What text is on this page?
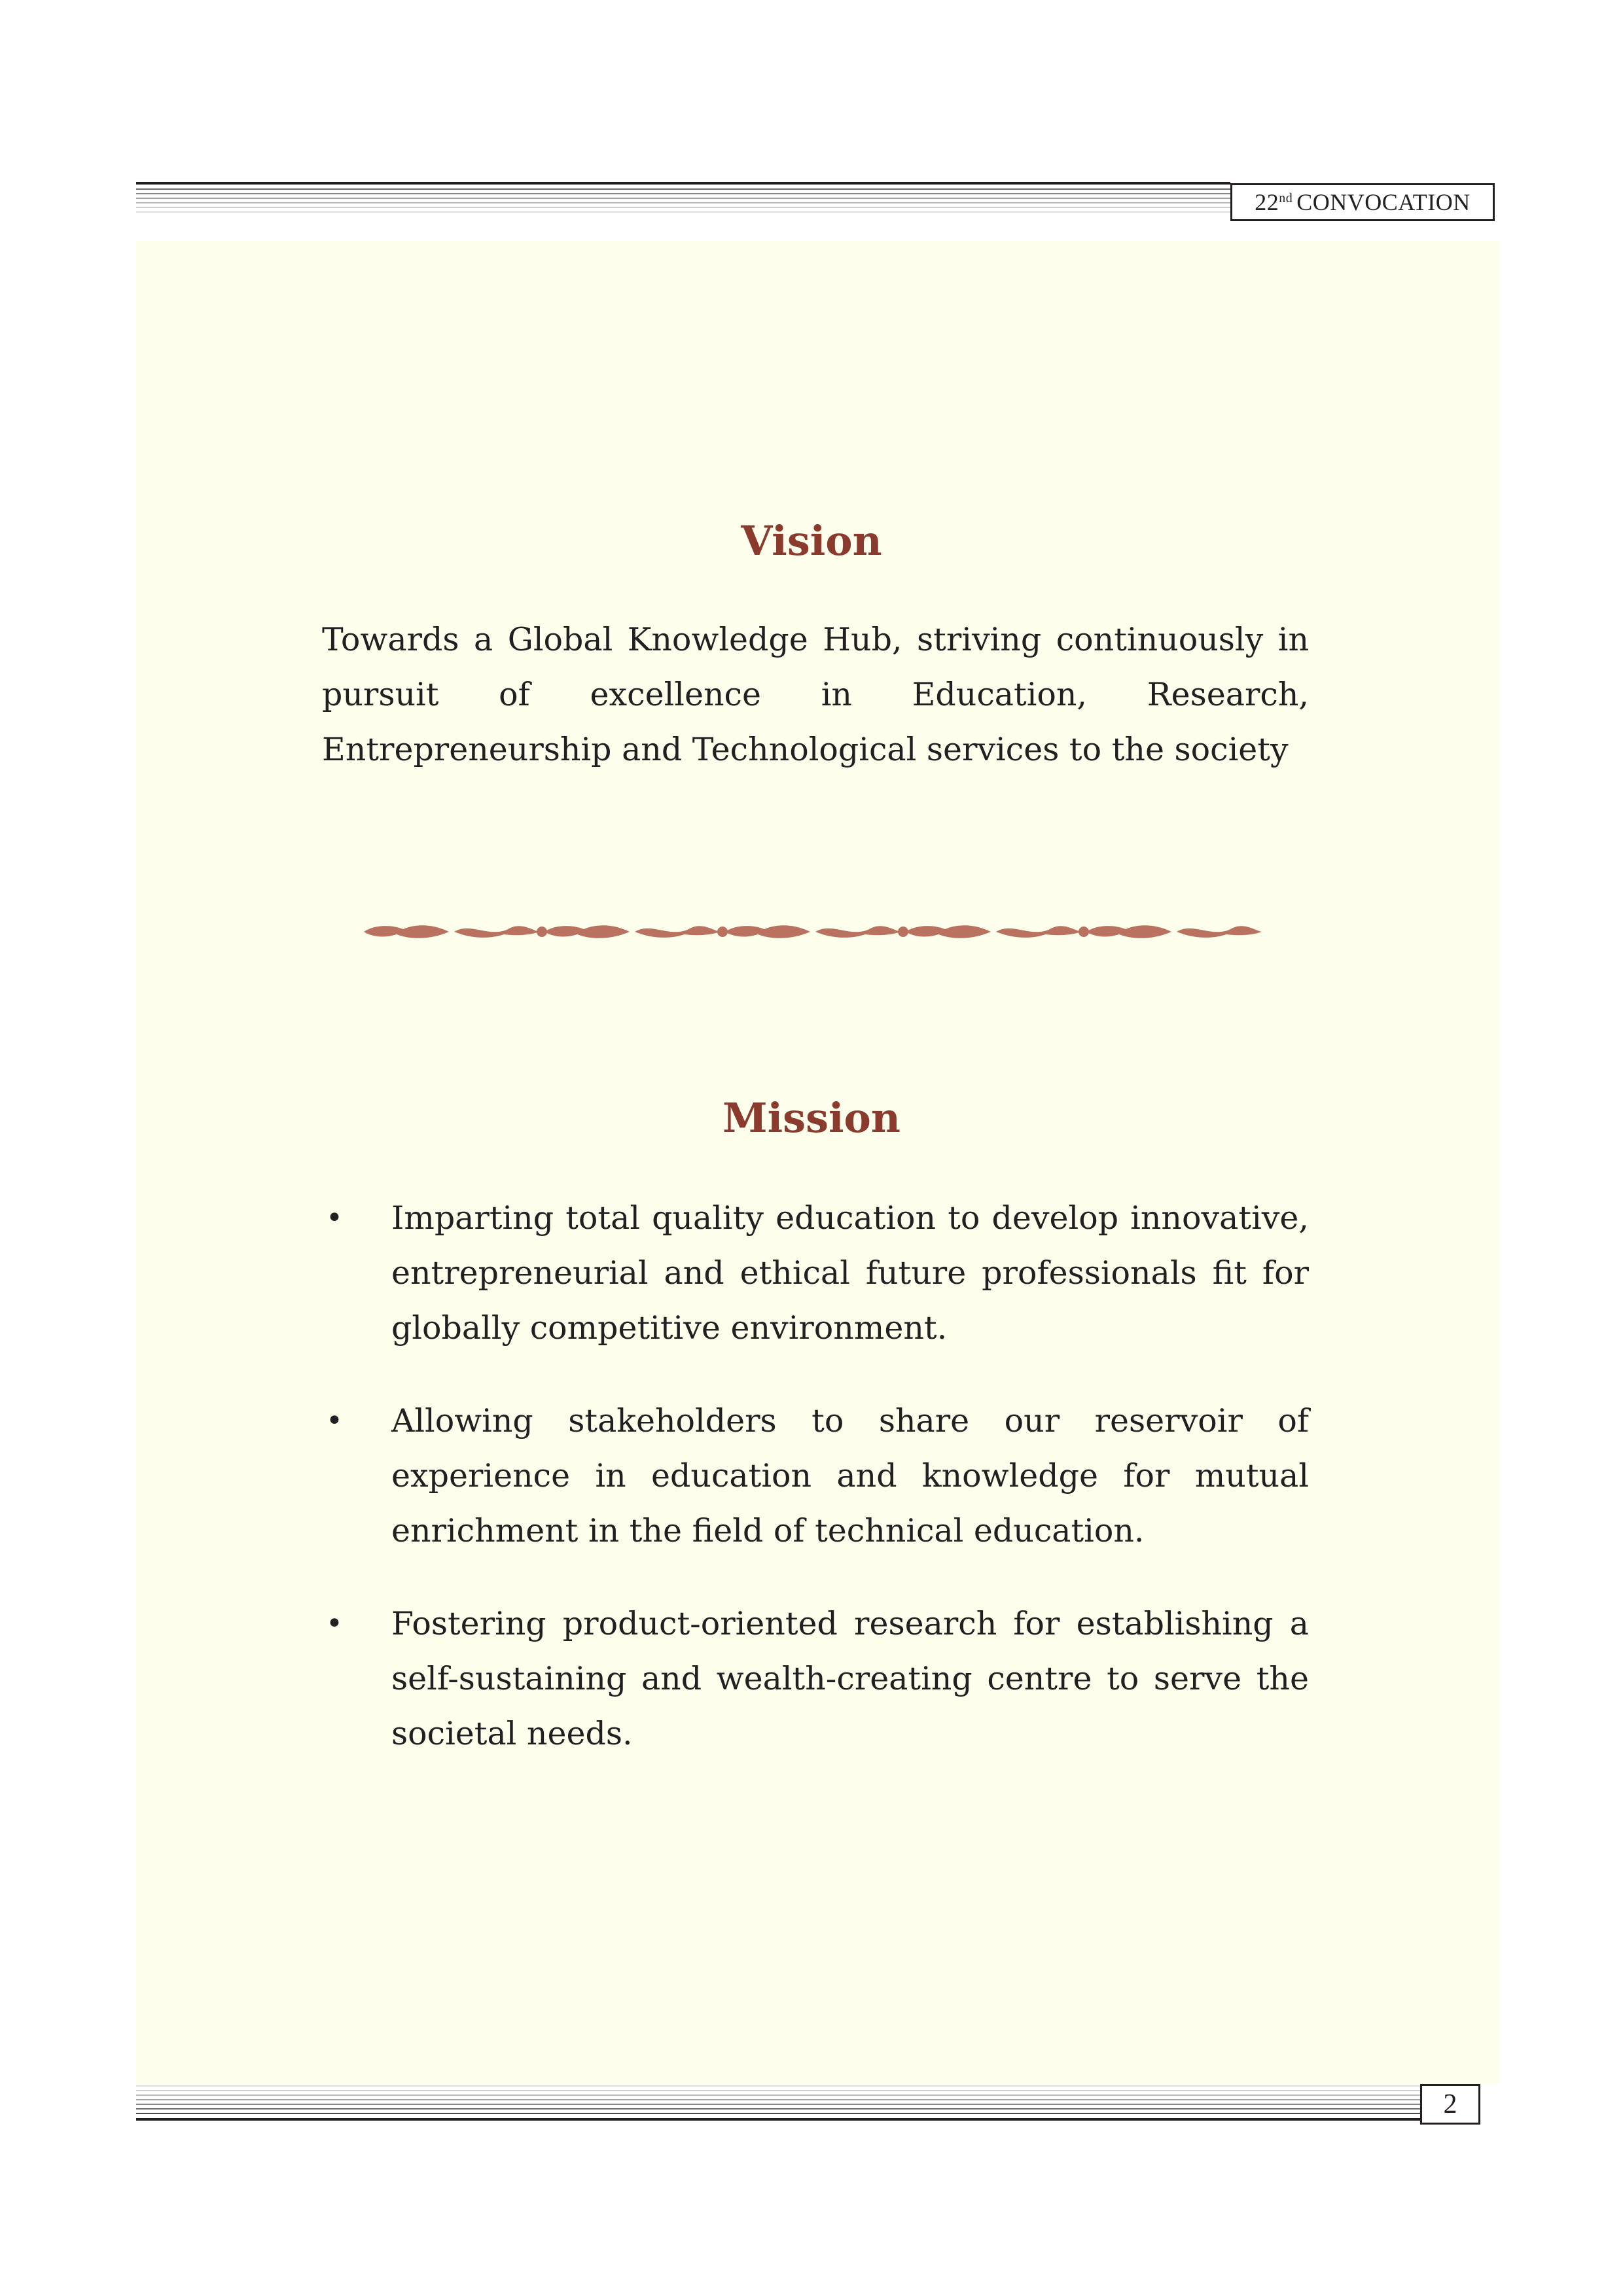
22nd CONVOCATION
Vision
Towards a Global Knowledge Hub, striving continuously in pursuit of excellence in Education, Research, Entrepreneurship and Technological services to the society
Mission
• Imparting total quality education to develop innovative, entrepreneurial and ethical future professionals fit for globally competitive environment.
• Allowing stakeholders to share our reservoir of experience in education and knowledge for mutual enrichment in the field of technical education.
• Fostering product-oriented research for establishing a self-sustaining and wealth-creating centre to serve the societal needs.
2
